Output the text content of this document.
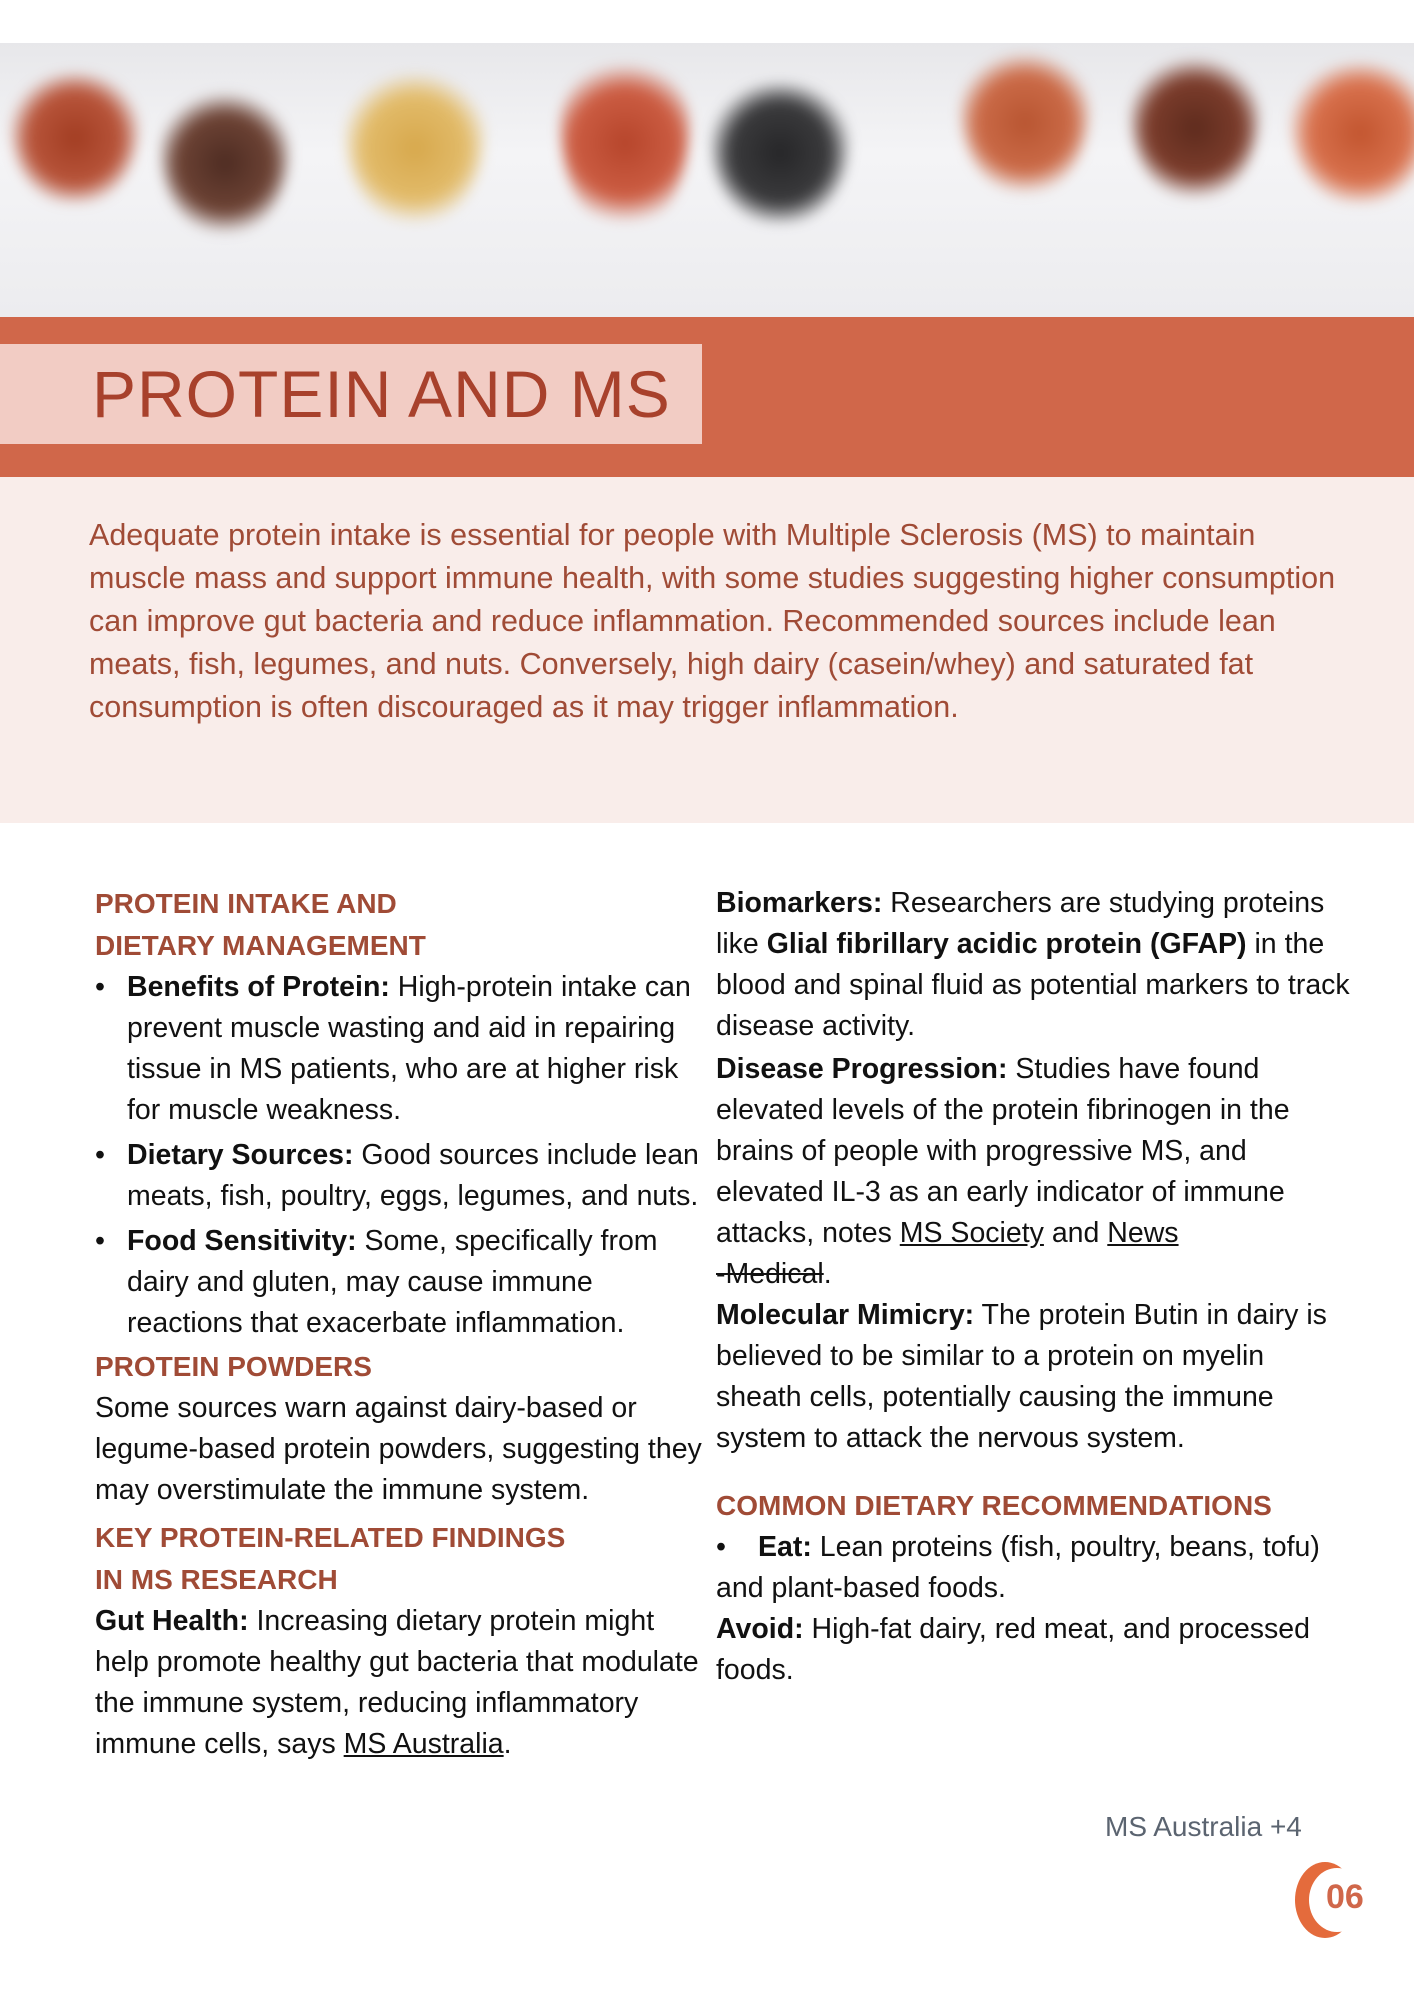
PROTEIN AND MS

Adequate protein intake is essential for people with Multiple Sclerosis (MS) to maintain muscle mass and support immune health, with some studies suggesting higher consumption can improve gut bacteria and reduce inflammation. Recommended sources include lean meats, fish, legumes, and nuts. Conversely, high dairy (casein/whey) and saturated fat consumption is often discouraged as it may trigger inflammation.

PROTEIN INTAKE AND
DIETARY MANAGEMENT

• Benefits of Protein: High-protein intake can prevent muscle wasting and aid in repairing tissue in MS patients, who are at higher risk for muscle weakness.

• Dietary Sources: Good sources include lean meats, fish, poultry, eggs, legumes, and nuts.

• Food Sensitivity: Some, specifically from dairy and gluten, may cause immune reactions that exacerbate inflammation.

PROTEIN POWDERS

Some sources warn against dairy-based or legume-based protein powders, suggesting they may overstimulate the immune system.

KEY PROTEIN-RELATED FINDINGS
IN MS RESEARCH

Gut Health: Increasing dietary protein might help promote healthy gut bacteria that modulate the immune system, reducing inflammatory immune cells, says MS Australia.

Biomarkers: Researchers are studying proteins like Glial fibrillary acidic protein (GFAP) in the blood and spinal fluid as potential markers to track disease activity.

Disease Progression: Studies have found elevated levels of the protein fibrinogen in the brains of people with progressive MS, and elevated IL-3 as an early indicator of immune attacks, notes MS Society and News
-Medical.

Molecular Mimicry: The protein Butin in dairy is believed to be similar to a protein on myelin sheath cells, potentially causing the immune system to attack the nervous system.

COMMON DIETARY RECOMMENDATIONS

• Eat: Lean proteins (fish, poultry, beans, tofu) and plant-based foods.

Avoid: High-fat dairy, red meat, and processed foods.

MS Australia +4
06
